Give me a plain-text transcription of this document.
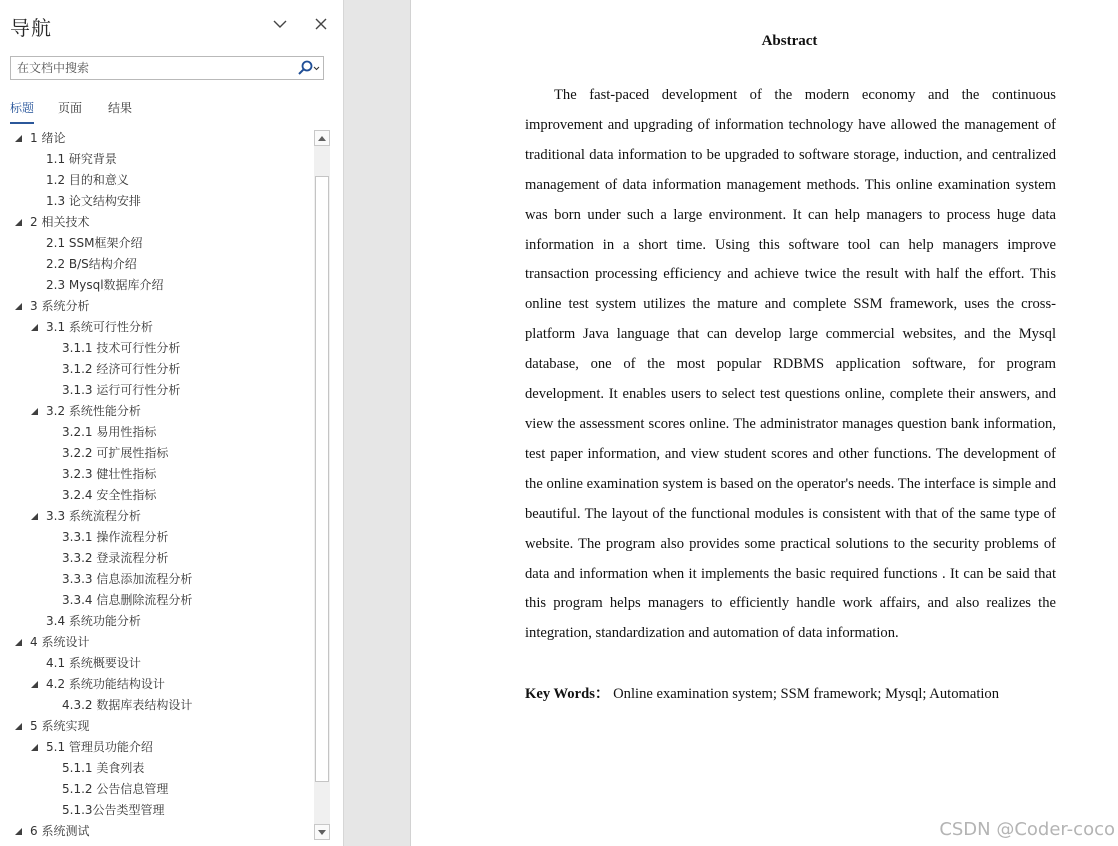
导航
在文档中搜索
标题 页面 结果
1 绪论
1.1 研究背景
1.2 目的和意义
1.3 论文结构安排
2 相关技术
2.1 SSM框架介绍
2.2 B/S结构介绍
2.3 Mysql数据库介绍
3 系统分析
3.1 系统可行性分析
3.1.1 技术可行性分析
3.1.2 经济可行性分析
3.1.3 运行可行性分析
3.2 系统性能分析
3.2.1 易用性指标
3.2.2 可扩展性指标
3.2.3 健壮性指标
3.2.4 安全性指标
3.3 系统流程分析
3.3.1 操作流程分析
3.3.2 登录流程分析
3.3.3 信息添加流程分析
3.3.4 信息删除流程分析
3.4 系统功能分析
4 系统设计
4.1 系统概要设计
4.2 系统功能结构设计
4.3.2 数据库表结构设计
5 系统实现
5.1 管理员功能介绍
5.1.1 美食列表
5.1.2 公告信息管理
5.1.3公告类型管理
6 系统测试
Abstract
The fast-paced development of the modern economy and the continuous improvement and upgrading of information technology have allowed the management of traditional data information to be upgraded to software storage, induction, and centralized management of data information management methods. This online examination system was born under such a large environment. It can help managers to process huge data information in a short time. Using this software tool can help managers improve transaction processing efficiency and achieve twice the result with half the effort. This online test system utilizes the mature and complete SSM framework, uses the cross-platform Java language that can develop large commercial websites, and the Mysql database, one of the most popular RDBMS application software, for program development. It enables users to select test questions online, complete their answers, and view the assessment scores online. The administrator manages question bank information, test paper information, and view student scores and other functions. The development of the online examination system is based on the operator's needs. The interface is simple and beautiful. The layout of the functional modules is consistent with that of the same type of website. The program also provides some practical solutions to the security problems of data and information when it implements the basic required functions . It can be said that this program helps managers to efficiently handle work affairs, and also realizes the integration, standardization and automation of data information.
Key Words： Online examination system; SSM framework; Mysql; Automation
CSDN @Coder-coco
